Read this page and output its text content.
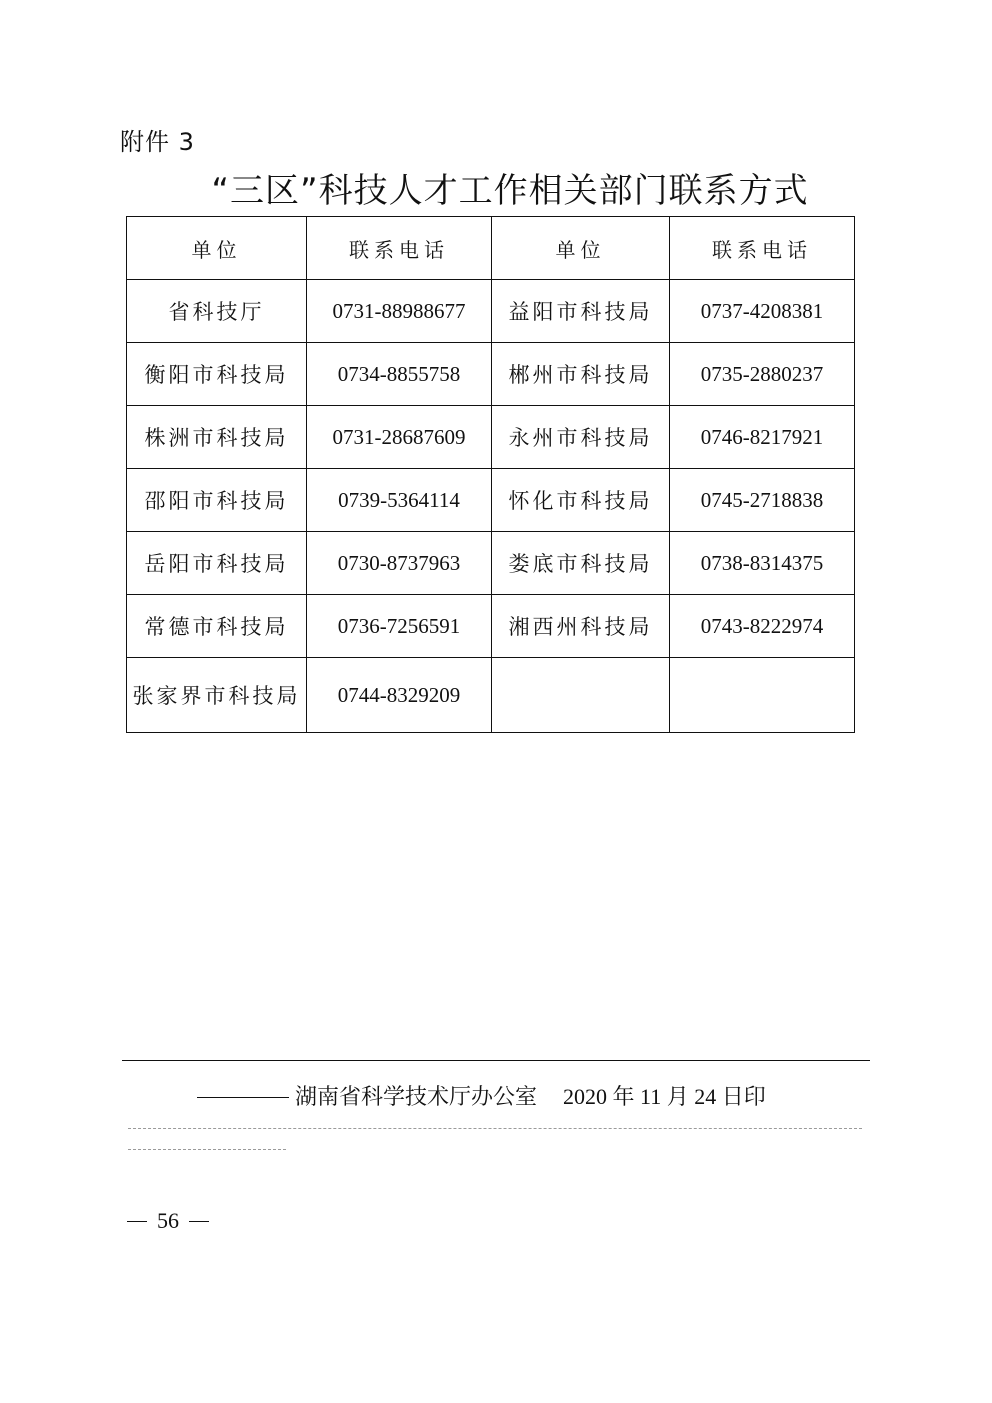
附件 3
“三区”科技人才工作相关部门联系方式
单位	联系电话	单位	联系电话
省科技厅	0731-88988677	益阳市科技局	0737-4208381
衡阳市科技局	0734-8855758	郴州市科技局	0735-2880237
株洲市科技局	0731-28687609	永州市科技局	0746-8217921
邵阳市科技局	0739-5364114	怀化市科技局	0745-2718838
岳阳市科技局	0730-8737963	娄底市科技局	0738-8314375
常德市科技局	0736-7256591	湘西州科技局	0743-8222974
张家界市科技局	0744-8329209		
湖南省科学技术厅办公室 2020 年 11 月 24 日印
56
